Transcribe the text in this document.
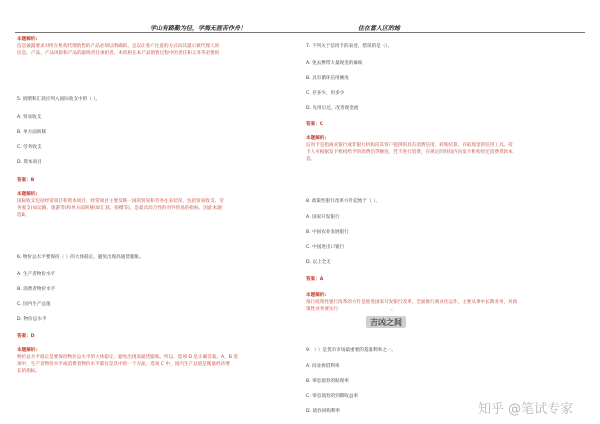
学山有路勤为径，学海无涯苦作舟！	住在富人区的她
本题解析:
信息披露要求对所在机构代理销售的产品必须以明确的、足以让客户注意的方式向其提示被代理人的
信息。 产品、产品风险和产品的最终责任承担者、本机构在本产品销售过程中的责任和义务等必要的
5. 捐赠和汇款应列入国际收支中的（ ）。
A. 贸易收支
B. 单方面转移
C. 劳务收支
D. 资本项目
答案：B
本题解析:
国际收支包括经常项目和资本项目，经常项目主要反映一国的贸易和劳务往来状况，包括贸易收支、劳
务收支(如运输、旅游等)和单方面转移(如汇款、捐赠等)，是最具综合性的对外贸易的指标，因此本题
选B。
6. 物价总水平要保持（ ）的大体稳定，避免出现高通货膨胀。
A. 生产者物价水平
B. 消费者物价水平
C. 国内生产总值
D. 物价总水平
答案：D
本题解析:
物价总水平稳定是要保持物价总水平的大体稳定，避免出现高通货膨胀。所以，选项 D 是正确答案。A、B 选
项中，生产者物价水平或消费者物价水平都仅是其中的一个方面，选项 C 中，国内生产总值是衡量经济增
长的指标。
7. 下列关于信用卡的表述，错误的是（）。
A. 免去携带大量现金的麻烦
B. 具有循环信用额度
C. 存多少，用多少
D. 先用后还，改善现金流
答案：C
本题解析:
信用卡是指商业银行或非银行机构向其客户提供的具有消费信用、转账结算、存取现金的信用工具。持
卡人可根据发卡机构给予的消费信贷额度，凭卡进行消费，在规定的时间内向发卡机构偿还消费贷款本
息。
8. 政策性银行改革方针起始于（ ）。
A. 国家开发银行
B. 中国农业发展银行
C. 中国进出口银行
D. 以上全无
答案：A
本题解析:
推行政策性银行改革的方针是推进国家开发银行改革，全面推行商业化运作，主要从事中长期业务，对政
策性业务要实行	。
9. （ ）是货币市场最重要的基准利率之一。
A. 同业拆借利率
B. 零息债券的贴现率
C. 零息债券的到期收益率
D. 债券回购利率
吉凶之间
知乎 @笔试专家
